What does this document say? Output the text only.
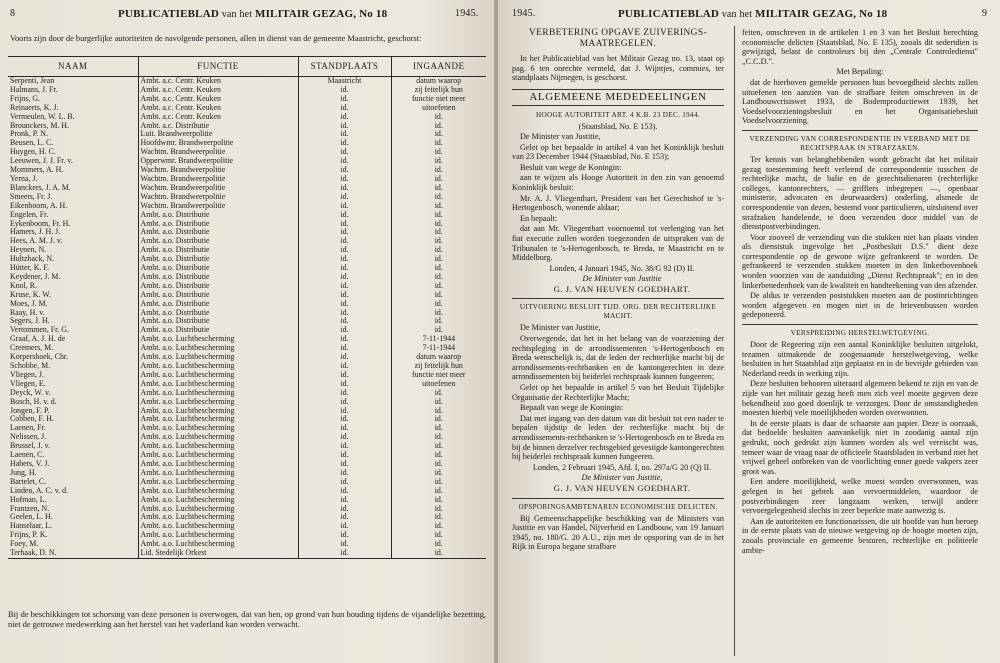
8	PUBLICATIEBLAD van het MILITAIR GEZAG, No 18	1945.
Voorts zijn door de burgerlijke autoriteiten de navolgende personen, allen in dienst van de gemeente Maastricht, geschorst:
NAAM	FUNCTIE	STANDPLAATS	INGAANDE
Serpenti, Jean	Ambt. a.c. Centr. Keuken	Maastricht	datum waarop
Halmans, J. Fr.	Ambt. a.c. Centr. Keuken	id.	zij feitelijk hun
Frijns, G.	Ambt. a.c. Centr. Keuken	id.	functie niet meer
Reinaerts, K. J.	Ambt. a.c. Centr. Keuken	id.	uitoefenen
Vermeulen, W. L. B.	Ambt. a.c. Centr. Keuken	id.	id.
Brounckers, M. H.	Ambt. a.c. Distributie	id.	id.
Pronk, P. N.	Luit. Brandweerpolitie	id.	id.
Beusen, L. C.	Hoofdwmr. Brandweerpolitie	id.	id.
Huygen, H. C.	Wachtm. Brandweerpolitie	id.	id.
Leeuwen, J. J. Fr. v.	Opperwmr. Brandweerpolitie	id.	id.
Mommers, A. H.	Wachtm. Brandweerpolitie	id.	id.
Yerna, J.	Wachtm. Brandweerpolitie	id.	id.
Blanckers, J. A. M.	Wachtm. Brandweerpolitie	id.	id.
Smeets, Fr. J.	Wachtm. Brandweerpolitie	id.	id.
Eikenboom, A. H.	Wachtm. Brandweerpolitie	id.	id.
Engelen, Fr.	Ambt. a.o. Distributie	id.	id.
Eykenboom, Fr. H.	Ambt. a.o. Distributie	id.	id.
Hamers, J. H. J.	Ambt. a.o. Distributie	id.	id.
Hees, A. M. J. v.	Ambt. a.o. Distributie	id.	id.
Heynen, N.	Ambt. a.o. Distributie	id.	id.
Hultzback, N.	Ambt. a.o. Distributie	id.	id.
Hütter, K. F.	Ambt. a.o. Distributie	id.	id.
Keydener, J. M.	Ambt. a.o. Distributie	id.	id.
Knol, R.	Ambt. a.o. Distributie	id.	id.
Kruse, K. W.	Ambt. a.o. Distributie	id.	id.
Moes, J. M.	Ambt. a.o. Distributie	id.	id.
Raay, H. v.	Ambt. a.o. Distributie	id.	id.
Segers, J. H.	Ambt. a.o. Distributie	id.	id.
Vertommen, Fr. G.	Ambt. a.o. Distributie	id.	id.
Graaf, A. J. H. de	Ambt. a.o. Luchtbescherming	id.	7-11-1944
Creemers, M.	Ambt. a.o. Luchtbescherming	id.	7-11-1944
Korpershoek, Chr.	Ambt. a.o. Luchtbescherming	id.	datum waarop
Schobbe, M.	Ambt. a.o. Luchtbescherming	id.	zij feitelijk hun
Vliegen, J.	Ambt. a.o. Luchtbescherming	id.	functie niet meer
Vliegen, E.	Ambt. a.o. Luchtbescherming	id.	uitoefenen
Deyck, W. v.	Ambt. a.o. Luchtbescherming	id.	id.
Bosch, H. v. d.	Ambt. a.o. Luchtbescherming	id.	id.
Jongen, F. P.	Ambt. a.o. Luchtbescherming	id.	id.
Cobben, F. H.	Ambt. a.o. Luchtbescherming	id.	id.
Laenen, Fr.	Ambt. a.o. Luchtbescherming	id.	id.
Nelissen, J.	Ambt. a.o. Luchtbescherming	id.	id.
Brussel, J. v.	Ambt. a.o. Luchtbescherming	id.	id.
Laenen, C.	Ambt. a.o. Luchtbescherming	id.	id.
Habets, V. J.	Ambt. a.o. Luchtbescherming	id.	id.
Jung, H.	Ambt. a.o. Luchtbescherming	id.	id.
Bartelet, C.	Ambt. a.o. Luchtbescherming	id.	id.
Linden, A. C. v. d.	Ambt. a.o. Luchtbescherming	id.	id.
Hofman, L.	Ambt. a.o. Luchtbescherming	id.	id.
Frantzen, N.	Ambt. a.o. Luchtbescherming	id.	id.
Geelen, L. H.	Ambt. a.o. Luchtbescherming	id.	id.
Hanselaar, L.	Ambt. a.o. Luchtbescherming	id.	id.
Frijns, P. K.	Ambt. a.o. Luchtbescherming	id.	id.
Foey, M.	Ambt. a.o. Luchtbescherming	id.	id.
Terhaak, D. N.	Lid. Stedelijk Orkest	id.	id.
Bij de beschikkingen tot schorsing van deze personen is overwogen, dat van hen, op grond van hun houding tijdens de vijandelijke bezetting, niet de getrouwe medewerking aan het herstel van het vaderland kan worden verwacht.
1945.	PUBLICATIEBLAD van het MILITAIR GEZAG, No 18	9
VERBETERING OPGAVE ZUIVERINGS-MAATREGELEN.

In het Publicatieblad van het Militair Gezag no. 13, staat op pag. 6 ten onrechte vermeld, dat J. Wijntjes, commies, ter standplaats Nijmegen, is geschorst.

ALGEMEENE MEDEDEELINGEN
HOOGE AUTORITEIT ART. 4 K.B. 23 DEC. 1944.
(Staatsblad, No. E 153).

De Minister van Justitie,

Gelet op het bepaalde in artikel 4 van het Koninklijk besluit van 23 December 1944 (Staatsblad, No. E 153);

Besluit van wege de Koningin:

aan te wijzen als Hooge Autoriteit in den zin van genoemd Koninklijk besluit:

Mr. A. J. Vliegenthart, President van het Gerechtshof te 's-Hertogenbosch, wonende aldaar;

En bepaalt:

dat aan Mr. Vliegenthart voornoemd tot verlenging van het fiat executie zullen worden toegezonden de uitspraken van de Tribunalen te 's-Hertogenbosch, te Breda, te Maastricht en te Middelburg.

Londen, 4 Januari 1945, No. 38/G 92 (D) II.

De Minister van Justitie

G. J. VAN HEUVEN GOEDHART.

UITVOERING BESLUIT TIJD. ORG. DER RECHTERLIJKE MACHT.

De Minister van Justitie,

Overwegende, dat het in het belang van de voorziening der rechtspleging in de arrondissementen 's-Hertogenbosch en Breda wenschelijk is, dat de leden der rechterlijke macht bij de arrondissements-rechtbanken en de kantongerechten in deze arrondissementen bij beiderlei rechtspraak kunnen fungeeren;

Gelet op het bepaalde in artikel 5 van het Besluit Tijdelijke Organisatie der Rechterlijke Macht;

Bepaalt van wege de Koningin:

Dat met ingang van den datum van dit besluit tot een nader te bepalen tijdstip de leden der rechterlijke macht bij de arrondissements-rechtbanken te 's-Hertogenbosch en te Breda en bij de binnen derzelver rechtsgebied gevestigde kantongerechten bij beiderlei rechtspraak kunnen fungeeren.

Londen, 2 Februari 1945, Afd. I, no. 297a/G 20 (Q) II.

De Minister van Justitie,

G. J. VAN HEUVEN GOEDHART.

OPSPORINGSAMBTENAREN ECONOMISCHE DELICTEN.

Bij Gemeenschappelijke beschikking van de Ministers van Justitie en van Handel, Nijverheid en Landbouw, van 19 Januari 1945, no. 180/G. 20 A.U., zijn met de opsporing van de in het Rijk in Europa begane strafbare

feiten, omschreven in de artikelen 1 en 3 van het Besluit berechting economische delicten (Staatsblad, No. E 135), zooals dit sedertdien is gewijzigd, belast de controleurs bij den „Centrale Controledienst" „C.C.D.".

Met Bepaling:

dat de hierboven gemelde personen hun bevoegdheid slechts zullen uitoefenen ten aanzien van de strafbare feiten omschreven in de Landbouwcrisiswet 1933, de Bodemproductiewet 1939, het Voedselvoorzieningsbesluit en het Organisatiebesluit Voedselvoorziening.

VERZENDING VAN CORRESPONDENTIE IN VERBAND MET DE RECHTSPRAAK IN STRAFZAKEN.

Ter kennis van belanghebbenden wordt gebracht dat het militair gezag toestemming heeft verleend de correspondentie tusschen de rechterlijke macht, de balie en de gerechtsdienaren (rechterlijke colleges, kantonrechters, — griffiers inbegrepen —, openbaar ministerie, advocaten en deurwaarders) onderling, alsmede de correspondentie van dezen, bestemd voor particulieren, uitsluitend over strafzaken handelende, te doen verzenden door middel van de dienstpostverbindingen.

Voor zooveel de verzending van die stukken niet kan plaats vinden als dienststuk ingevolge het „Postbesluit D.S." dient deze correspondentie op de gewone wijze gefrankeerd te worden. De gefrankeerd te verzenden stukken moeten in den linkerbovenhoek worden voorzien van de aanduiding „Dienst Rechtspraak"; en in den linkerbenedenhoek van de kwaliteit en handteekening van den afzender.

De aldus te verzenden poststukken moeten aan de postinrichtingen worden afgegeven en mogen niet in de brievenbussen worden gedeponeerd.

VERSPREIDING HERSTELWETGEVING.

Door de Regeering zijn een aantal Koninklijke besluiten uitgelokt, tezamen uitmakende de zoogenaamde herstelwetgeving, welke besluiten in het Staatsblad zijn geplaatst en in de bevrijde gebieden van Nederland reeds in werking zijn.

Deze besluiten behooren uiteraard algemeen bekend te zijn en van de zijde van het militair gezag heeft men zich veel moeite gegeven deze bekendheid zoo goed doenlijk te verzorgen. Door de omstandigheden moesten hierbij vele moeilijkheden worden overwonnen.

In de eerste plaats is daar de schaarste aan papier. Deze is oorzaak, dat bedoelde besluiten aanvankelijk niet in zoodanig aantal zijn gedrukt, noch gedrukt zijn kunnen worden als wel vereischt was, temeer waar de vraag naar de officieele Staatsbladen in verband met het vrijwel geheel ontbreken van de voorlichting enner goede vakpers zeer groot was.

Een andere moeilijkheid, welke moest worden overwonnen, was gelegen in het gebrek aan vervoermiddelen, waardoor de postverbindingen zeer langzaam werken, terwijl andere vervoergelegenheid slechts in zeer beperkte mate aanwezig is.

Aan de autoriteiten en functionarissen, die uit hoofde van hun beroep in de eerste plaats van de nieuwe wetgeving op de hoogte moeten zijn, zooals provinciale en gemeente besturen, rechterlijke en politieele ambte-
